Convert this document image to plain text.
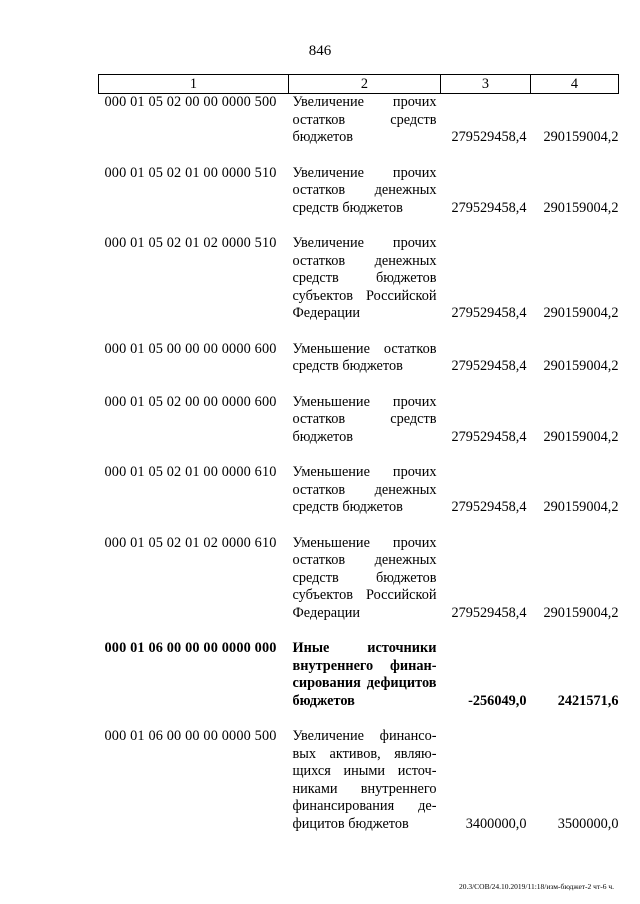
846
1	2	3	4
000 01 05 02 00 00 0000 500	Увеличение прочих остатков средств бюджетов	279529458,4	290159004,2

000 01 05 02 01 00 0000 510	Увеличение прочих остатков денежных средств бюджетов	279529458,4	290159004,2

000 01 05 02 01 02 0000 510	Увеличение прочих остатков денежных средств бюджетов субъектов Российской Федерации	279529458,4	290159004,2

000 01 05 00 00 00 0000 600	Уменьшение остатков средств бюджетов	279529458,4	290159004,2

000 01 05 02 00 00 0000 600	Уменьшение прочих остатков средств бюджетов	279529458,4	290159004,2

000 01 05 02 01 00 0000 610	Уменьшение прочих остатков денежных средств бюджетов	279529458,4	290159004,2

000 01 05 02 01 02 0000 610	Уменьшение прочих остатков денежных средств бюджетов субъектов Российской Федерации	279529458,4	290159004,2

000 01 06 00 00 00 0000 000	Иные источники внутреннего финансирования дефицитов бюджетов	-256049,0	2421571,6

000 01 06 00 00 00 0000 500	Увеличение финансовых активов, являющихся иными источниками внутреннего финансирования дефицитов бюджетов	3400000,0	3500000,0
20.3/СОВ/24.10.2019/11:18/изм-бюджет-2 чт-6 ч.
